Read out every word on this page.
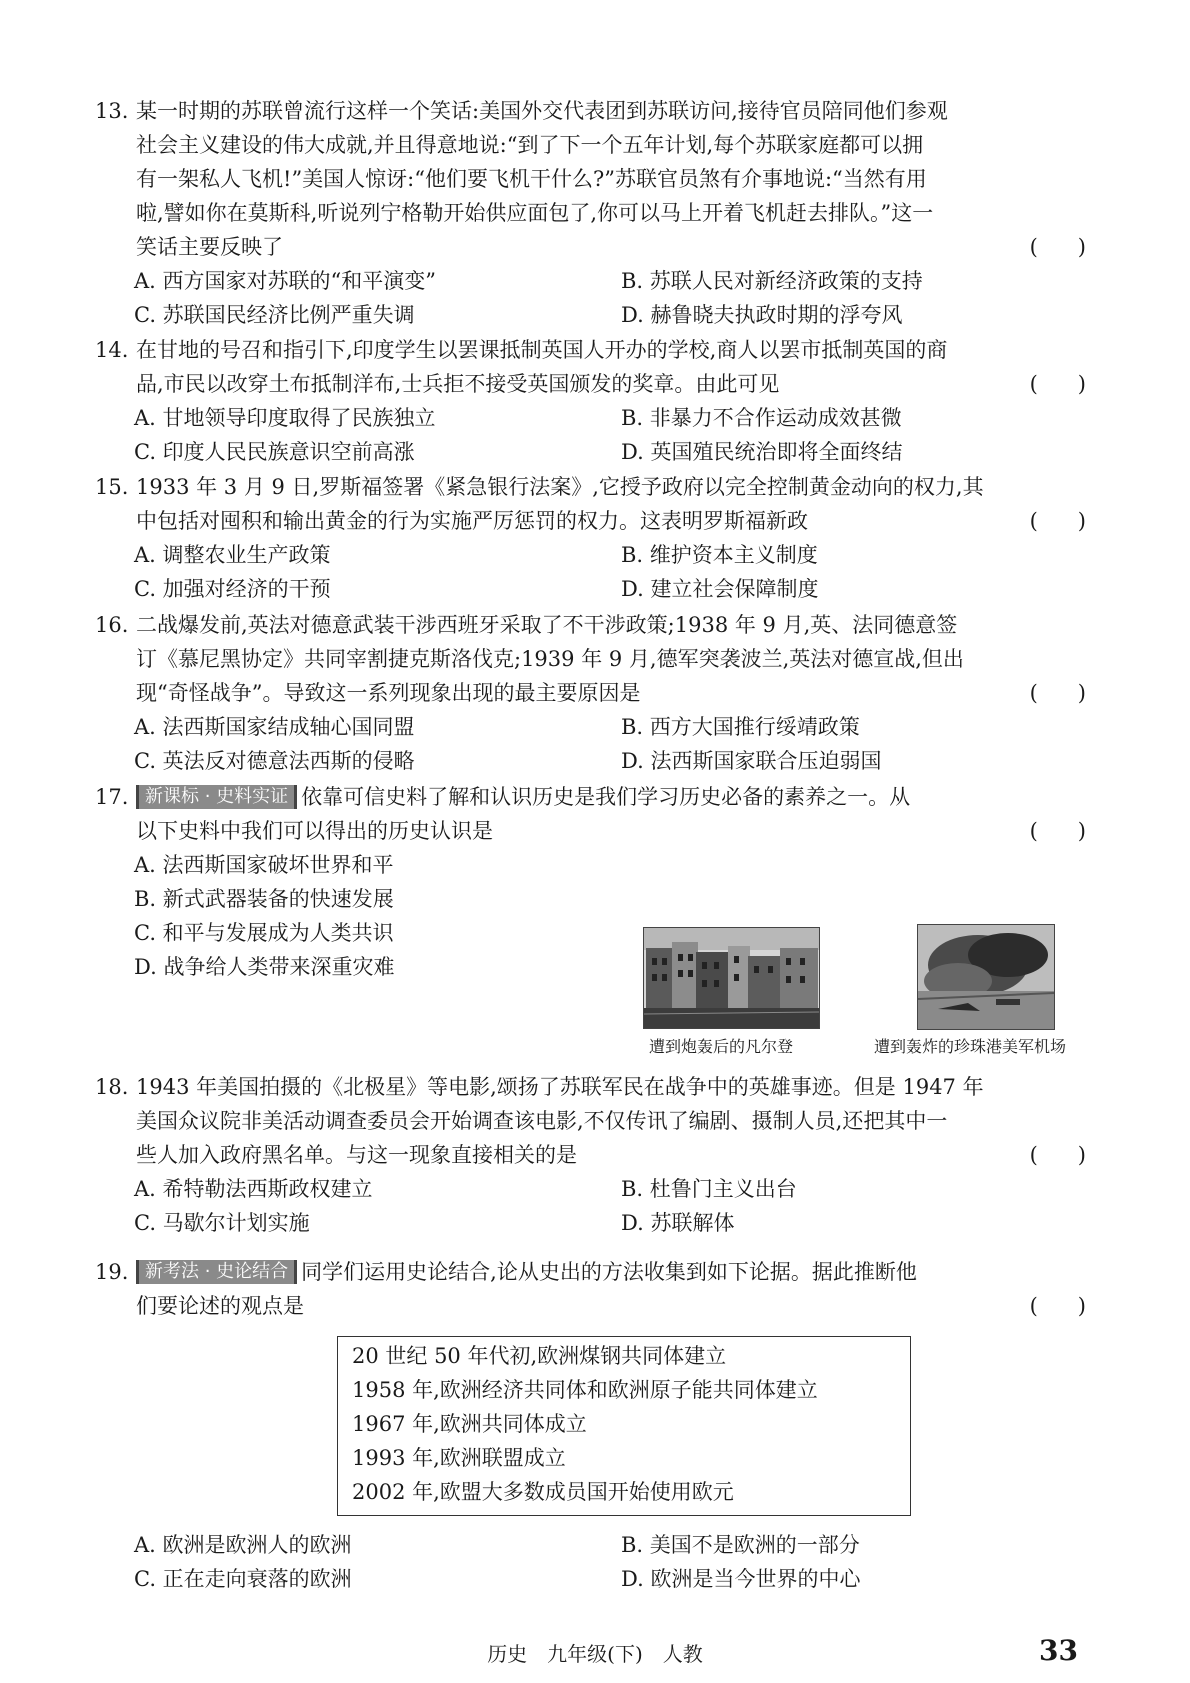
13. 某一时期的苏联曾流行这样一个笑话:美国外交代表团到苏联访问,接待官员陪同他们参观
社会主义建设的伟大成就,并且得意地说:“到了下一个五年计划,每个苏联家庭都可以拥
有一架私人飞机!”美国人惊讶:“他们要飞机干什么?”苏联官员煞有介事地说:“当然有用
啦,譬如你在莫斯科,听说列宁格勒开始供应面包了,你可以马上开着飞机赶去排队。”这一
笑话主要反映了	(      )
A. 西方国家对苏联的“和平演变”	B. 苏联人民对新经济政策的支持
C. 苏联国民经济比例严重失调	D. 赫鲁晓夫执政时期的浮夸风
14. 在甘地的号召和指引下,印度学生以罢课抵制英国人开办的学校,商人以罢市抵制英国的商
品,市民以改穿土布抵制洋布,士兵拒不接受英国颁发的奖章。由此可见	(      )
A. 甘地领导印度取得了民族独立	B. 非暴力不合作运动成效甚微
C. 印度人民民族意识空前高涨	D. 英国殖民统治即将全面终结
15. 1933 年 3 月 9 日,罗斯福签署《紧急银行法案》,它授予政府以完全控制黄金动向的权力,其
中包括对囤积和输出黄金的行为实施严厉惩罚的权力。这表明罗斯福新政	(      )
A. 调整农业生产政策	B. 维护资本主义制度
C. 加强对经济的干预	D. 建立社会保障制度
16. 二战爆发前,英法对德意武装干涉西班牙采取了不干涉政策;1938 年 9 月,英、法同德意签
订《慕尼黑协定》共同宰割捷克斯洛伐克;1939 年 9 月,德军突袭波兰,英法对德宣战,但出
现“奇怪战争”。导致这一系列现象出现的最主要原因是	(      )
A. 法西斯国家结成轴心国同盟	B. 西方大国推行绥靖政策
C. 英法反对德意法西斯的侵略	D. 法西斯国家联合压迫弱国
17. 新课标 · 史料实证 依靠可信史料了解和认识历史是我们学习历史必备的素养之一。从
以下史料中我们可以得出的历史认识是	(      )
A. 法西斯国家破坏世界和平
B. 新式武器装备的快速发展
C. 和平与发展成为人类共识
D. 战争给人类带来深重灾难
遭到炮轰后的凡尔登	遭到轰炸的珍珠港美军机场
18. 1943 年美国拍摄的《北极星》等电影,颂扬了苏联军民在战争中的英雄事迹。但是 1947 年
美国众议院非美活动调查委员会开始调查该电影,不仅传讯了编剧、摄制人员,还把其中一
些人加入政府黑名单。与这一现象直接相关的是	(      )
A. 希特勒法西斯政权建立	B. 杜鲁门主义出台
C. 马歇尔计划实施	D. 苏联解体
19. 新考法 · 史论结合 同学们运用史论结合,论从史出的方法收集到如下论据。据此推断他
们要论述的观点是	(      )
20 世纪 50 年代初,欧洲煤钢共同体建立
1958 年,欧洲经济共同体和欧洲原子能共同体建立
1967 年,欧洲共同体成立
1993 年,欧洲联盟成立
2002 年,欧盟大多数成员国开始使用欧元
A. 欧洲是欧洲人的欧洲	B. 美国不是欧洲的一部分
C. 正在走向衰落的欧洲	D. 欧洲是当今世界的中心
历史　九年级(下)　人教	33
